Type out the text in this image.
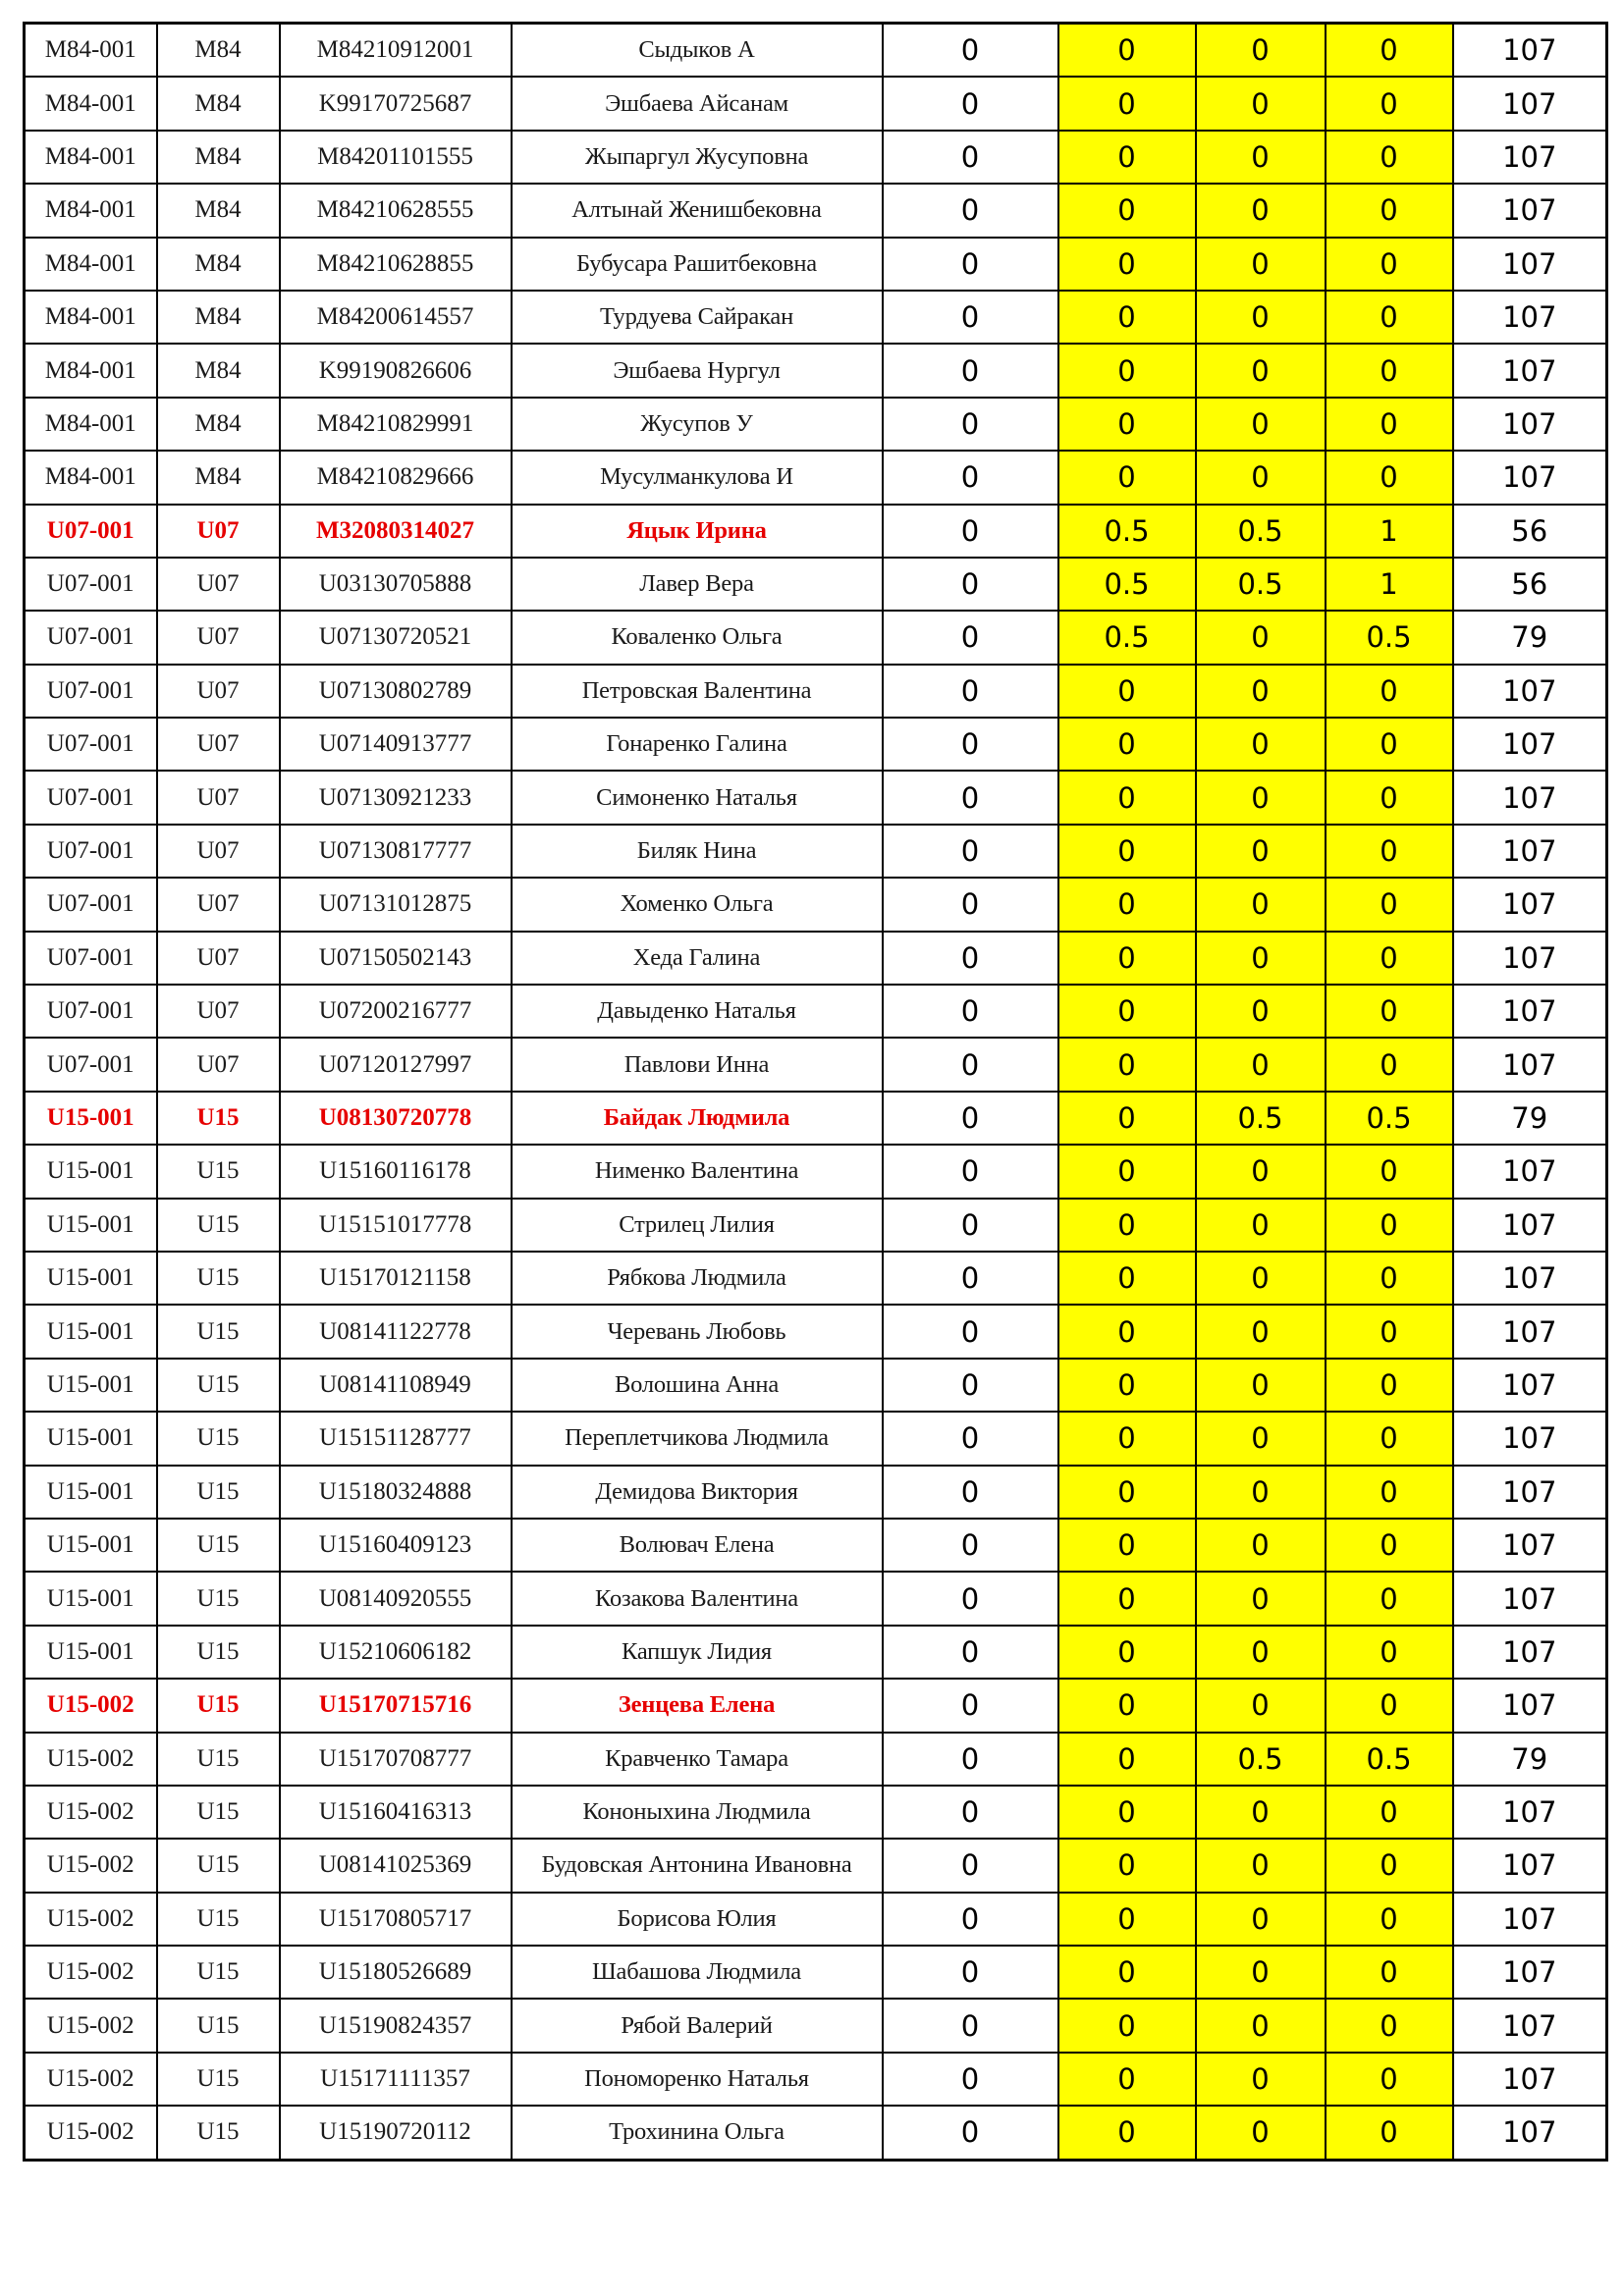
M84-001	M84	M84210912001	Сыдыков А	0	0	0	0	107
M84-001	M84	K99170725687	Эшбаева Айсанам	0	0	0	0	107
M84-001	M84	M84201101555	Жыпаргул Жусуповна	0	0	0	0	107
M84-001	M84	M84210628555	Алтынай Женишбековна	0	0	0	0	107
M84-001	M84	M84210628855	Бубусара Рашитбековна	0	0	0	0	107
M84-001	M84	M84200614557	Турдуева Сайракан	0	0	0	0	107
M84-001	M84	K99190826606	Эшбаева Нургул	0	0	0	0	107
M84-001	M84	M84210829991	Жусупов У	0	0	0	0	107
M84-001	M84	M84210829666	Мусулманкулова И	0	0	0	0	107
U07-001	U07	M32080314027	Яцык Ирина	0	0.5	0.5	1	56
U07-001	U07	U03130705888	Лавер Вера	0	0.5	0.5	1	56
U07-001	U07	U07130720521	Коваленко Ольга	0	0.5	0	0.5	79
U07-001	U07	U07130802789	Петровская Валентина	0	0	0	0	107
U07-001	U07	U07140913777	Гонаренко Галина	0	0	0	0	107
U07-001	U07	U07130921233	Симоненко Наталья	0	0	0	0	107
U07-001	U07	U07130817777	Биляк Нина	0	0	0	0	107
U07-001	U07	U07131012875	Хоменко Ольга	0	0	0	0	107
U07-001	U07	U07150502143	Хеда Галина	0	0	0	0	107
U07-001	U07	U07200216777	Давыденко Наталья	0	0	0	0	107
U07-001	U07	U07120127997	Павлови Инна	0	0	0	0	107
U15-001	U15	U08130720778	Байдак Людмила	0	0	0.5	0.5	79
U15-001	U15	U15160116178	Нименко Валентина	0	0	0	0	107
U15-001	U15	U15151017778	Стрилец Лилия	0	0	0	0	107
U15-001	U15	U15170121158	Рябкова Людмила	0	0	0	0	107
U15-001	U15	U08141122778	Черевань Любовь	0	0	0	0	107
U15-001	U15	U08141108949	Волошина Анна	0	0	0	0	107
U15-001	U15	U15151128777	Переплетчикова Людмила	0	0	0	0	107
U15-001	U15	U15180324888	Демидова Виктория	0	0	0	0	107
U15-001	U15	U15160409123	Волювач Елена	0	0	0	0	107
U15-001	U15	U08140920555	Козакова Валентина	0	0	0	0	107
U15-001	U15	U15210606182	Капшук Лидия	0	0	0	0	107
U15-002	U15	U15170715716	Зенцева Елена	0	0	0	0	107
U15-002	U15	U15170708777	Кравченко Тамара	0	0	0.5	0.5	79
U15-002	U15	U15160416313	Кононыхина Людмила	0	0	0	0	107
U15-002	U15	U08141025369	Будовская Антонина Ивановна	0	0	0	0	107
U15-002	U15	U15170805717	Борисова Юлия	0	0	0	0	107
U15-002	U15	U15180526689	Шабашова Людмила	0	0	0	0	107
U15-002	U15	U15190824357	Рябой Валерий	0	0	0	0	107
U15-002	U15	U15171111357	Пономоренко Наталья	0	0	0	0	107
U15-002	U15	U15190720112	Трохинина Ольга	0	0	0	0	107
